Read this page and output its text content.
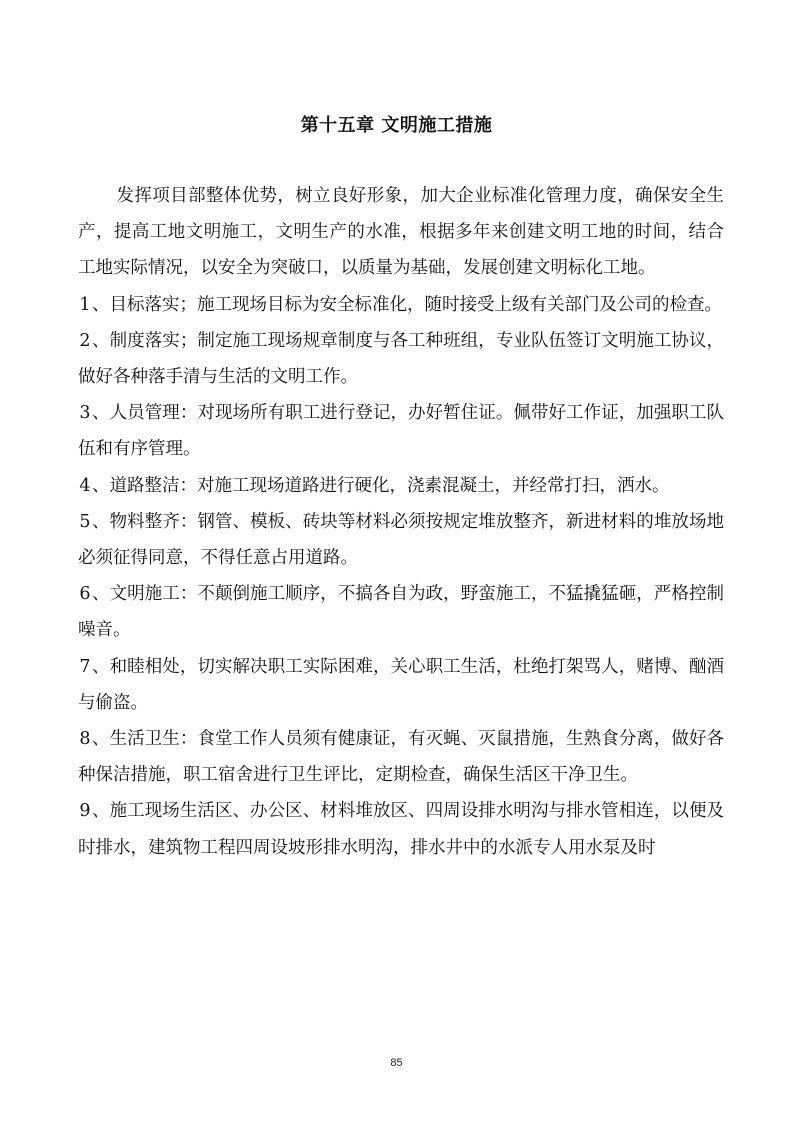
第十五章 文明施工措施

发挥项目部整体优势，树立良好形象，加大企业标准化管理力度，确保安全生产，提高工地文明施工，文明生产的水准，根据多年来创建文明工地的时间，结合工地实际情况，以安全为突破口，以质量为基础，发展创建文明标化工地。

1、目标落实；施工现场目标为安全标准化，随时接受上级有关部门及公司的检查。

2、制度落实；制定施工现场规章制度与各工种班组，专业队伍签订文明施工协议，做好各种落手清与生活的文明工作。

3、人员管理：对现场所有职工进行登记，办好暂住证。佩带好工作证，加强职工队伍和有序管理。

4、道路整洁：对施工现场道路进行硬化，浇素混凝土，并经常打扫，洒水。

5、物料整齐：钢管、模板、砖块等材料必须按规定堆放整齐，新进材料的堆放场地必须征得同意，不得任意占用道路。

6、文明施工：不颠倒施工顺序，不搞各自为政，野蛮施工，不猛撬猛砸，严格控制噪音。

7、和睦相处，切实解决职工实际困难，关心职工生活，杜绝打架骂人，赌博、酗酒与偷盗。

8、生活卫生：食堂工作人员须有健康证，有灭蝇、灭鼠措施，生熟食分离，做好各种保洁措施，职工宿舍进行卫生评比，定期检查，确保生活区干净卫生。

9、施工现场生活区、办公区、材料堆放区、四周设排水明沟与排水管相连，以便及时排水，建筑物工程四周设坡形排水明沟，排水井中的水派专人用水泵及时

85
